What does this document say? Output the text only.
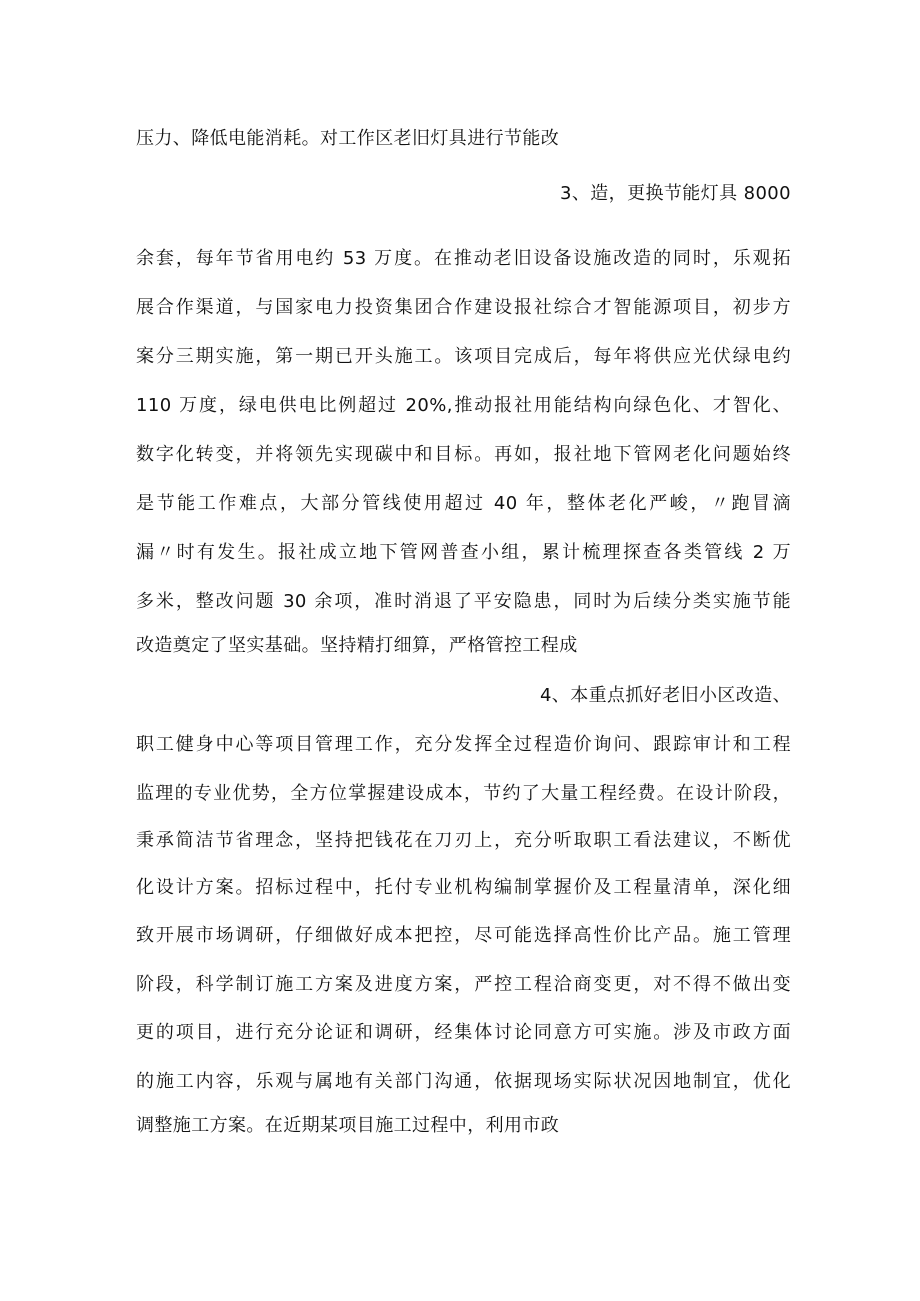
压力、降低电能消耗。对工作区老旧灯具进行节能改
3、造，更换节能灯具 8000
余套，每年节省用电约 53 万度。在推动老旧设备设施改造的同时，乐观拓
展合作渠道，与国家电力投资集团合作建设报社综合才智能源项目，初步方
案分三期实施，第一期已开头施工。该项目完成后，每年将供应光伏绿电约
110 万度，绿电供电比例超过 20%,推动报社用能结构向绿色化、才智化、
数字化转变，并将领先实现碳中和目标。再如，报社地下管网老化问题始终
是节能工作难点，大部分管线使用超过 40 年，整体老化严峻，〃跑冒滴
漏〃时有发生。报社成立地下管网普查小组，累计梳理探查各类管线 2 万
多米，整改问题 30 余项，准时消退了平安隐患，同时为后续分类实施节能
改造奠定了坚实基础。坚持精打细算，严格管控工程成
4、本重点抓好老旧小区改造、
职工健身中心等项目管理工作，充分发挥全过程造价询问、跟踪审计和工程
监理的专业优势，全方位掌握建设成本，节约了大量工程经费。在设计阶段，
秉承简洁节省理念，坚持把钱花在刀刃上，充分听取职工看法建议，不断优
化设计方案。招标过程中，托付专业机构编制掌握价及工程量清单，深化细
致开展市场调研，仔细做好成本把控，尽可能选择高性价比产品。施工管理
阶段，科学制订施工方案及进度方案，严控工程洽商变更，对不得不做出变
更的项目，进行充分论证和调研，经集体讨论同意方可实施。涉及市政方面
的施工内容，乐观与属地有关部门沟通，依据现场实际状况因地制宜，优化
调整施工方案。在近期某项目施工过程中，利用市政
